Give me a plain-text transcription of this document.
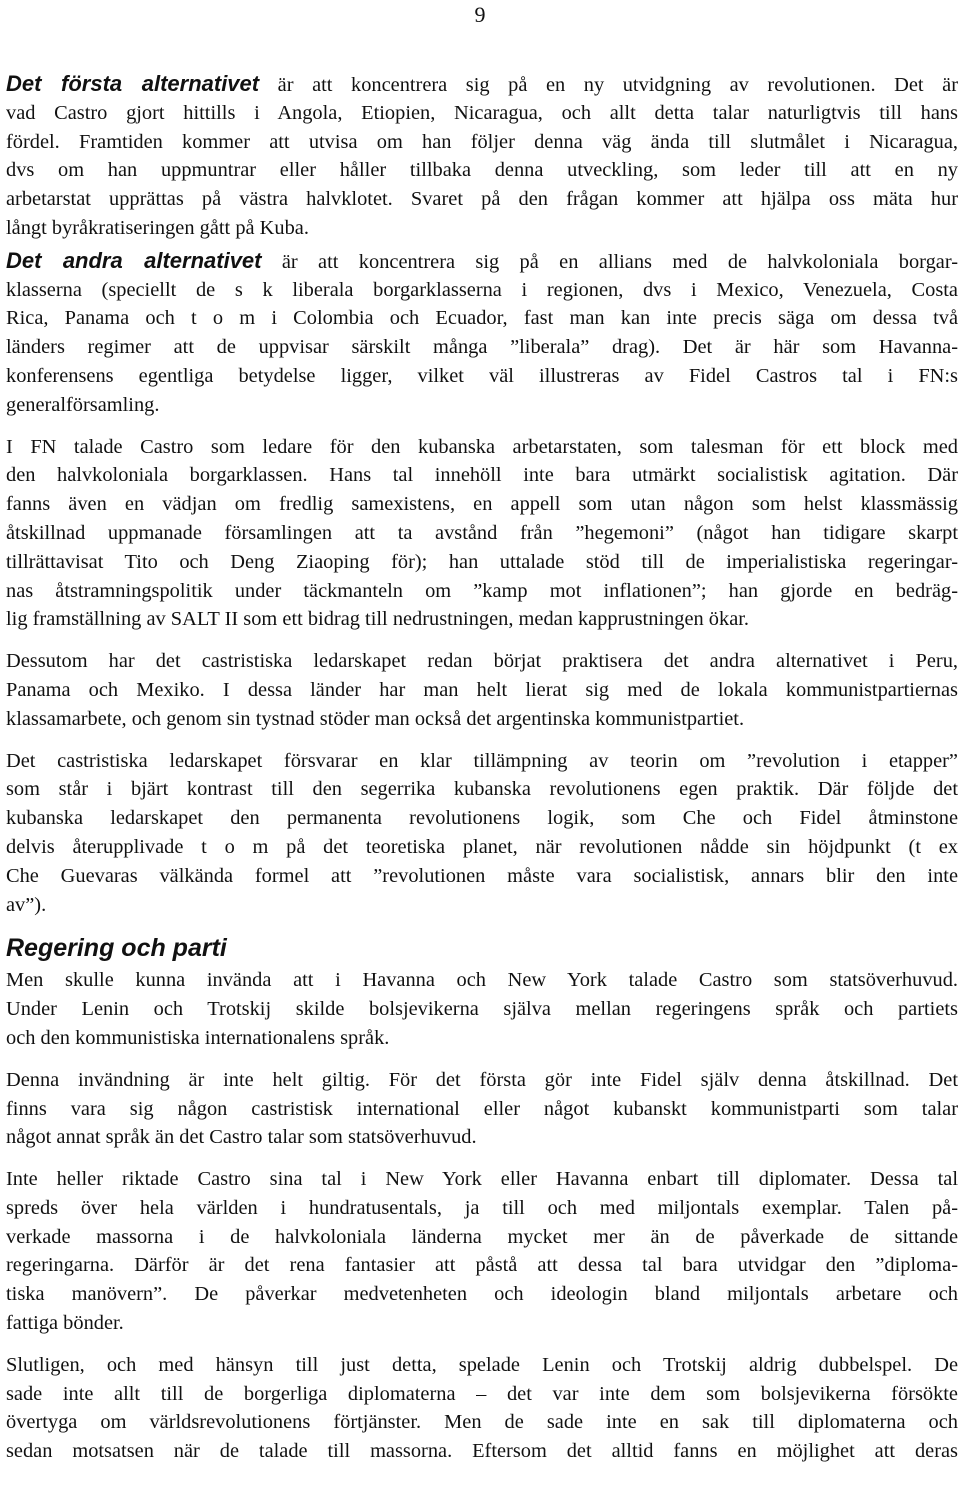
9

Det första alternativet är att koncentrera sig på en ny utvidgning av revolutionen. Det är
vad Castro gjort hittills i Angola, Etiopien, Nicaragua, och allt detta talar naturligtvis till hans
fördel. Framtiden kommer att utvisa om han följer denna väg ända till slutmålet i Nicaragua,
dvs om han uppmuntrar eller håller tillbaka denna utveckling, som leder till att en ny
arbetarstat upprättas på västra halvklotet. Svaret på den frågan kommer att hjälpa oss mäta hur
långt byråkratiseringen gått på Kuba.

Det andra alternativet är att koncentrera sig på en allians med de halvkoloniala borgar-
klasserna (speciellt de s k liberala borgarklasserna i regionen, dvs i Mexico, Venezuela, Costa
Rica, Panama och t o m i Colombia och Ecuador, fast man kan inte precis säga om dessa två
länders regimer att de uppvisar särskilt många ”liberala” drag). Det är här som Havanna-
konferensens egentliga betydelse ligger, vilket väl illustreras av Fidel Castros tal i FN:s
generalförsamling.

I FN talade Castro som ledare för den kubanska arbetarstaten, som talesman för ett block med
den halvkoloniala borgarklassen. Hans tal innehöll inte bara utmärkt socialistisk agitation. Där
fanns även en vädjan om fredlig samexistens, en appell som utan någon som helst klassmässig
åtskillnad uppmanade församlingen att ta avstånd från ”hegemoni” (något han tidigare skarpt
tillrättavisat Tito och Deng Ziaoping för); han uttalade stöd till de imperialistiska regeringar-
nas åtstramningspolitik under täckmanteln om ”kamp mot inflationen”; han gjorde en bedräg-
lig framställning av SALT II som ett bidrag till nedrustningen, medan kapprustningen ökar.

Dessutom har det castristiska ledarskapet redan börjat praktisera det andra alternativet i Peru,
Panama och Mexiko. I dessa länder har man helt lierat sig med de lokala kommunistpartiernas
klassamarbete, och genom sin tystnad stöder man också det argentinska kommunistpartiet.

Det castristiska ledarskapet försvarar en klar tillämpning av teorin om ”revolution i etapper”
som står i bjärt kontrast till den segerrika kubanska revolutionens egen praktik. Där följde det
kubanska ledarskapet den permanenta revolutionens logik, som Che och Fidel åtminstone
delvis återupplivade t o m på det teoretiska planet, när revolutionen nådde sin höjdpunkt (t ex
Che Guevaras välkända formel att ”revolutionen måste vara socialistisk, annars blir den inte
av”).

Regering och parti

Men skulle kunna invända att i Havanna och New York talade Castro som statsöverhuvud.
Under Lenin och Trotskij skilde bolsjevikerna själva mellan regeringens språk och partiets
och den kommunistiska internationalens språk.

Denna invändning är inte helt giltig. För det första gör inte Fidel själv denna åtskillnad. Det
finns vara sig någon castristisk international eller något kubanskt kommunistparti som talar
något annat språk än det Castro talar som statsöverhuvud.

Inte heller riktade Castro sina tal i New York eller Havanna enbart till diplomater. Dessa tal
spreds över hela världen i hundratusentals, ja till och med miljontals exemplar. Talen på-
verkade massorna i de halvkoloniala länderna mycket mer än de påverkade de sittande
regeringarna. Därför är det rena fantasier att påstå att dessa tal bara utvidgar den ”diploma-
tiska manövern”. De påverkar medvetenheten och ideologin bland miljontals arbetare och
fattiga bönder.

Slutligen, och med hänsyn till just detta, spelade Lenin och Trotskij aldrig dubbelspel. De
sade inte allt till de borgerliga diplomaterna – det var inte dem som bolsjevikerna försökte
övertyga om världsrevolutionens förtjänster. Men de sade inte en sak till diplomaterna och
sedan motsatsen när de talade till massorna. Eftersom det alltid fanns en möjlighet att deras
